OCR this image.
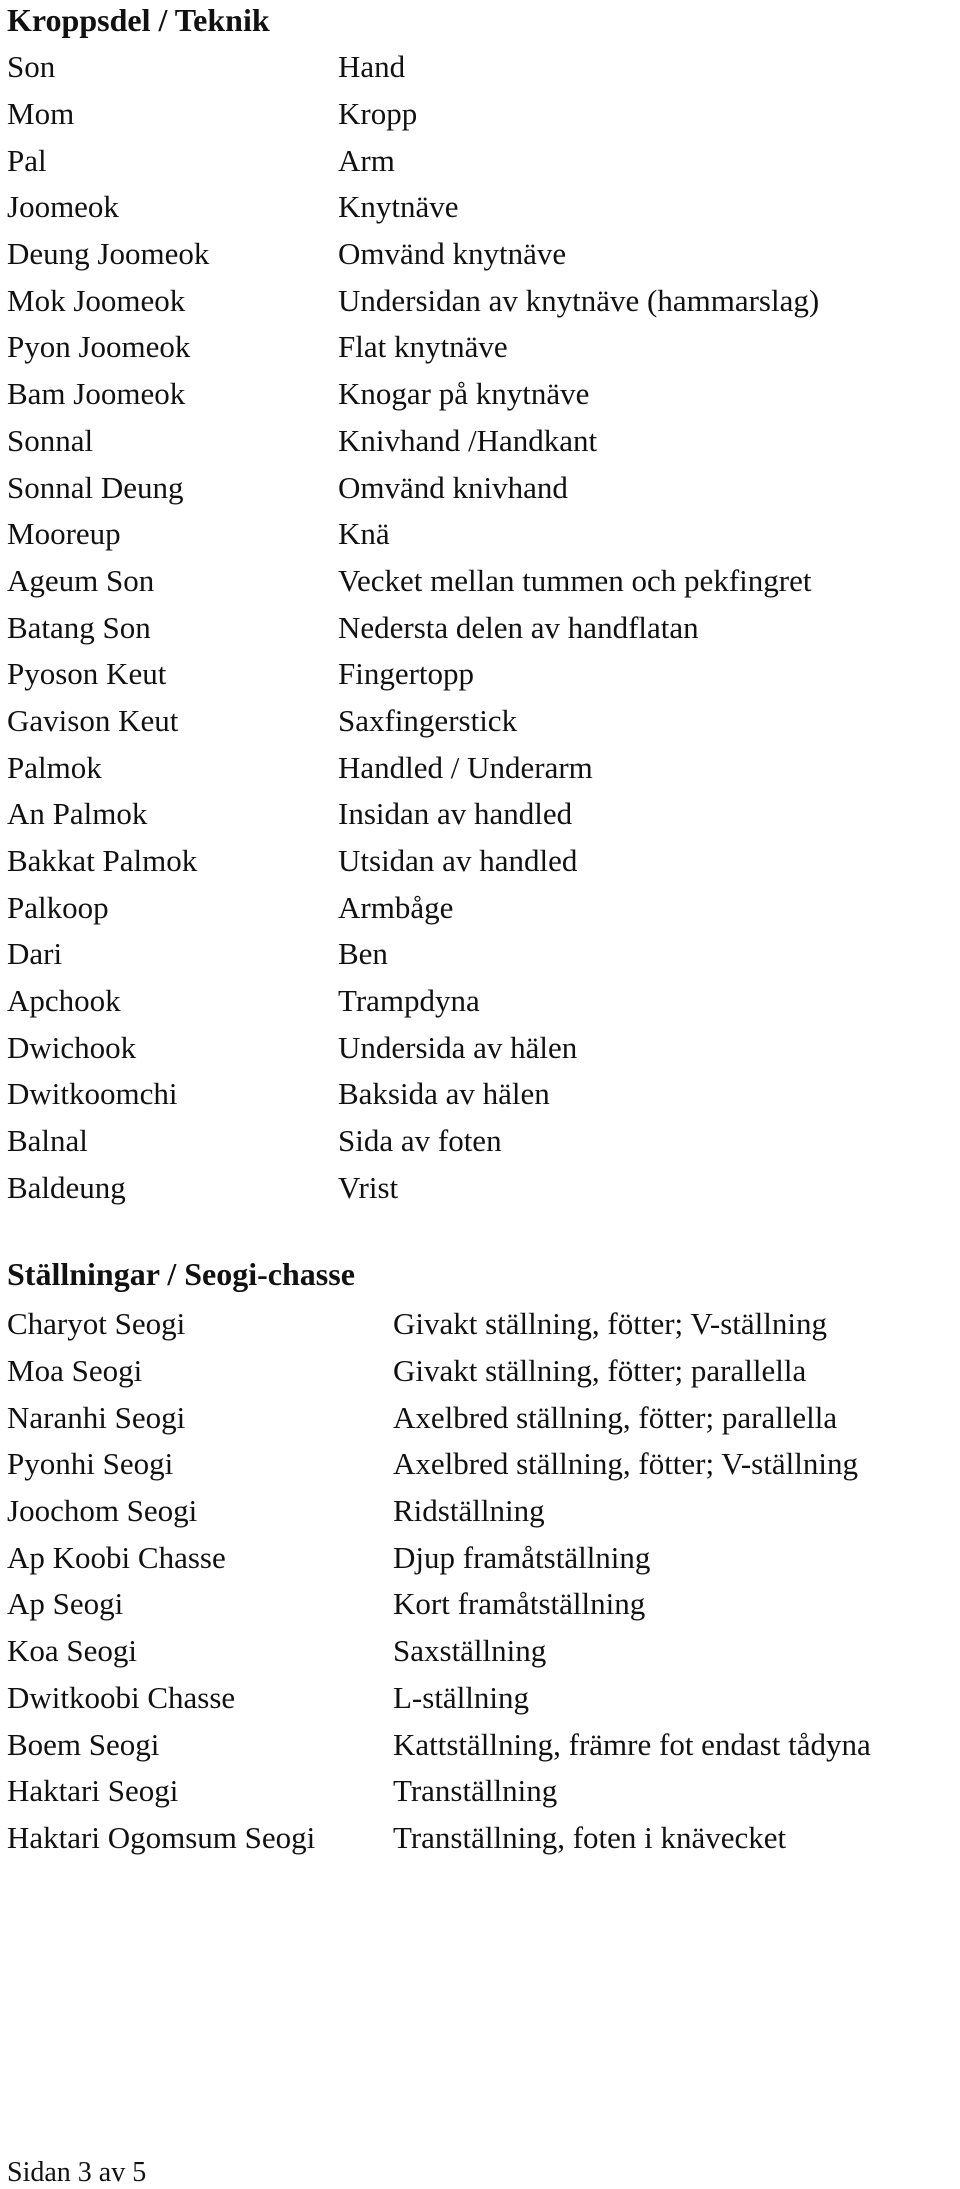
Kroppsdel / Teknik
Son	Hand
Mom	Kropp
Pal	Arm
Joomeok	Knytnäve
Deung Joomeok	Omvänd knytnäve
Mok Joomeok	Undersidan av knytnäve (hammarslag)
Pyon Joomeok	Flat knytnäve
Bam Joomeok	Knogar på knytnäve
Sonnal	Knivhand /Handkant
Sonnal Deung	Omvänd knivhand
Mooreup	Knä
Ageum Son	Vecket mellan tummen och pekfingret
Batang Son	Nedersta delen av handflatan
Pyoson Keut	Fingertopp
Gavison Keut	Saxfingerstick
Palmok	Handled / Underarm
An Palmok	Insidan av handled
Bakkat Palmok	Utsidan av handled
Palkoop	Armbåge
Dari	Ben
Apchook	Trampdyna
Dwichook	Undersida av hälen
Dwitkoomchi	Baksida av hälen
Balnal	Sida av foten
Baldeung	Vrist
Ställningar / Seogi-chasse
Charyot Seogi	Givakt ställning, fötter; V-ställning
Moa Seogi	Givakt ställning, fötter; parallella
Naranhi Seogi	Axelbred ställning, fötter; parallella
Pyonhi Seogi	Axelbred ställning, fötter; V-ställning
Joochom Seogi	Ridställning
Ap Koobi Chasse	Djup framåtställning
Ap Seogi	Kort framåtställning
Koa Seogi	Saxställning
Dwitkoobi Chasse	L-ställning
Boem Seogi	Kattställning, främre fot endast tådyna
Haktari Seogi	Tranställning
Haktari Ogomsum Seogi	Tranställning, foten i knävecket
Sidan 3 av 5
